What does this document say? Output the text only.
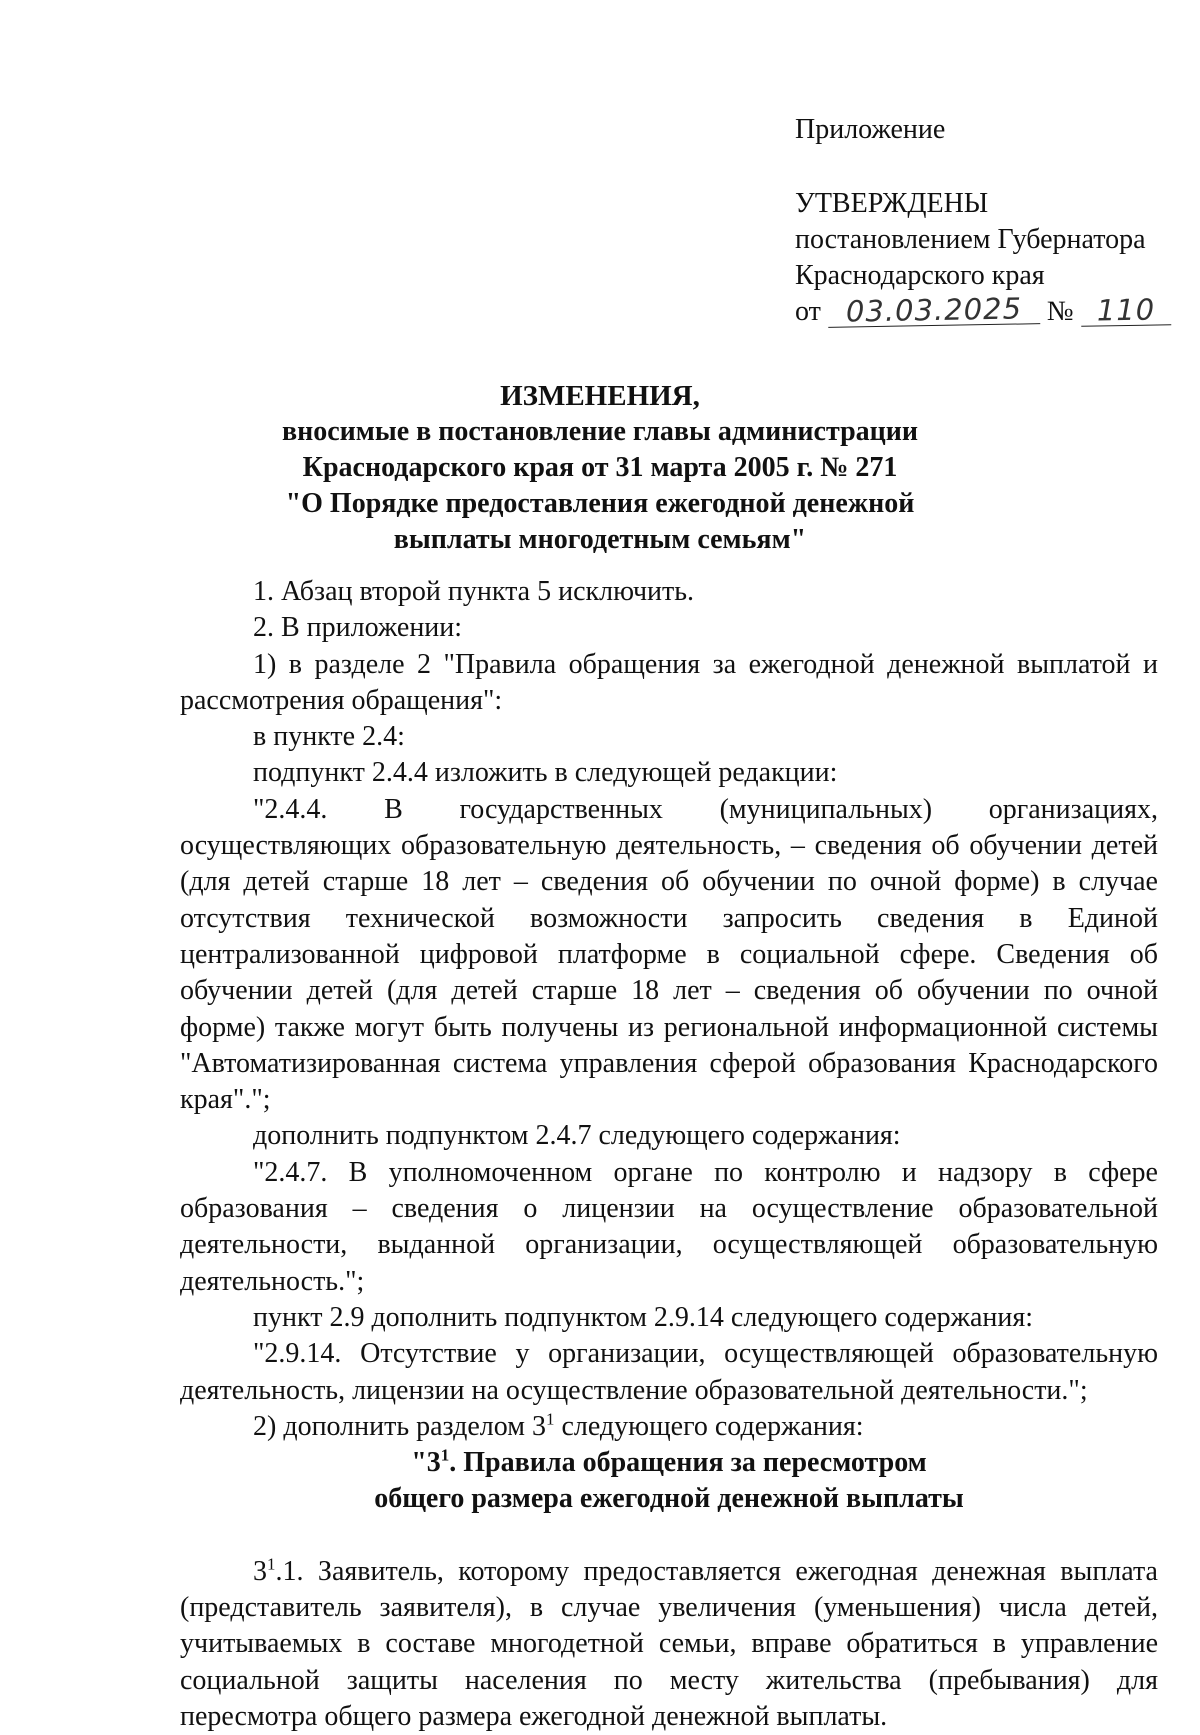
Приложение
УТВЕРЖДЕНЫ
постановлением Губернатора
Краснодарского края
от 03.03.2025 № 110
ИЗМЕНЕНИЯ,
вносимые в постановление главы администрации
Краснодарского края от 31 марта 2005 г. № 271
"О Порядке предоставления ежегодной денежной
выплаты многодетным семьям"

1. Абзац второй пункта 5 исключить.

2. В приложении:

1) в разделе 2 "Правила обращения за ежегодной денежной выплатой и рассмотрения обращения":

в пункте 2.4:

подпункт 2.4.4 изложить в следующей редакции:

"2.4.4. В государственных (муниципальных) организациях, осуществляющих образовательную деятельность, – сведения об обучении детей (для детей старше 18 лет – сведения об обучении по очной форме) в случае отсутствия технической возможности запросить сведения в Единой централизованной цифровой платформе в социальной сфере. Сведения об обучении детей (для детей старше 18 лет – сведения об обучении по очной форме) также могут быть получены из региональной информационной системы "Автоматизированная система управления сферой образования Краснодарского края".";

дополнить подпунктом 2.4.7 следующего содержания:

"2.4.7. В уполномоченном органе по контролю и надзору в сфере образования – сведения о лицензии на осуществление образовательной деятельности, выданной организации, осуществляющей образовательную деятельность.";

пункт 2.9 дополнить подпунктом 2.9.14 следующего содержания:

"2.9.14. Отсутствие у организации, осуществляющей образовательную деятельность, лицензии на осуществление образовательной деятельности.";

2) дополнить разделом $3^1$ следующего содержания:

"$3^1$. Правила обращения за пересмотром

общего размера ежегодной денежной выплаты

$3^1.1$. Заявитель, которому предоставляется ежегодная денежная выплата (представитель заявителя), в случае увеличения (уменьшения) числа детей, учитываемых в составе многодетной семьи, вправе обратиться в управление социальной защиты населения по месту жительства (пребывания) для пересмотра общего размера ежегодной денежной выплаты.
